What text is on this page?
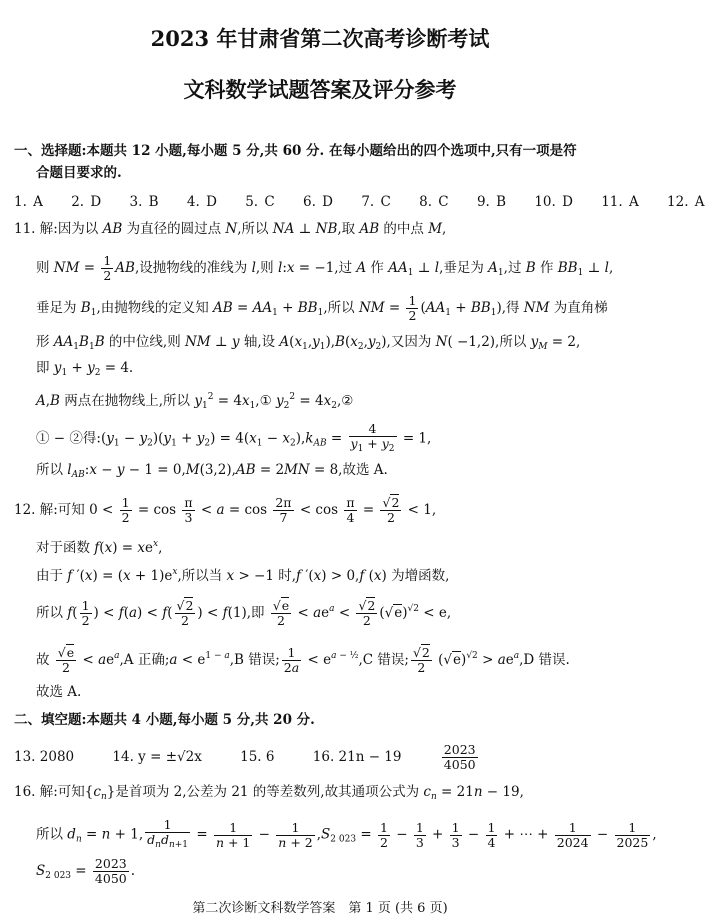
2023 年甘肃省第二次高考诊断考试
文科数学试题答案及评分参考
一、选择题:本题共 12 小题,每小题 5 分,共 60 分. 在每小题给出的四个选项中,只有一项是符
合题目要求的.
1. A 2. D 3. B 4. D 5. C 6. D 7. C 8. C 9. B 10. D 11. A 12. A
11. 解:因为以 AB 为直径的圆过点 N,所以 NA ⊥ NB,取 AB 的中点 M,
则 NM = $\frac{1}{2}$ AB,设抛物线的准线为 l,则 l:x = −1,过 A 作 $AA_1$ ⊥ l,垂足为 $A_1$,过 B 作 $BB_1$ ⊥ l,
垂足为 $B_1$,由抛物线的定义知 AB = $AA_1 + BB_1$,所以 NM = $\frac{1}{2} (AA_1 + BB_1)$,得 NM 为直角梯
形 $AA_1B_1B$ 的中位线,则 NM ⊥ y 轴,设 $A(x_1,y_1),B(x_2,y_2)$,又因为 N( −1,2),所以 $y_M = 2$,
即 $y_1 + y_2 = 4$.
A,B 两点在抛物线上,所以 $y_1^2$ = $4x_1,①$ $y_2^2$ = $4x_2,②$
① − ②得$:(y_1 - y_2)(y_1 + y_2) = 4(x_1 - x_2),k_{AB} = \frac{4}{y_1 + y_2} = 1$,
所以 $l_{AB}:x - y - 1 = 0,M(3,2),AB = 2MN = 8$,故选 A.
12. 解:可知 $0 < \frac{1}{2} = \cos \frac{\pi}{3} < a = \cos \frac{2\pi}{7} < \cos \frac{\pi}{4} = \frac{√2}{2} < 1$,
对于函数 $f(x) = xe^x$,
由于 f $'(x) = (x + 1)e^x$,所以当 x > −1 时,f ′(x) > 0,f (x) 为增函数,
所以 $f( \frac{1}{2}$ ) < $f(a) < f( \frac{√2}{2}$ ) < f(1),即 $\frac{√e}{2} < ae^a < \frac{√2}{2} (√e)^{√2} < e$,
故 $\frac{√e}{2} < ae^a,A$ 正确;a < $e^{1 - a},B$ 错误; $\frac{1}{2a} < e^{a - \frac{1}{2}},C$ 错误; $\frac{√2}{2} (√e)^{√2} > ae^a,D$ 错误.
故选 A.
二、填空题:本题共 4 小题,每小题 5 分,共 20 分.
13. 2080	14. y = ±√2x	15. 6	16. 21n − 19	$\frac{2023}{4050}$
16. 解:可知$\{c_n\}$是首项为 2,公差为 21 的等差数列,故其通项公式为 $c_n = 21n - 19$,
所以 $d_n = n + 1$, $\frac{1}{d_nd_{n+1}} = \frac{1}{n + 1} - \frac{1}{n + 2} ,S_{2 023} = \frac{1}{2} - \frac{1}{3} + \frac{1}{3} - \frac{1}{4}$ + ⋯ + $\frac{1}{2024} - \frac{1}{2025}$ ,
$S_{2 023} = \frac{2023}{4050}$ .
第二次诊断文科数学答案　第 1 页 (共 6 页)
